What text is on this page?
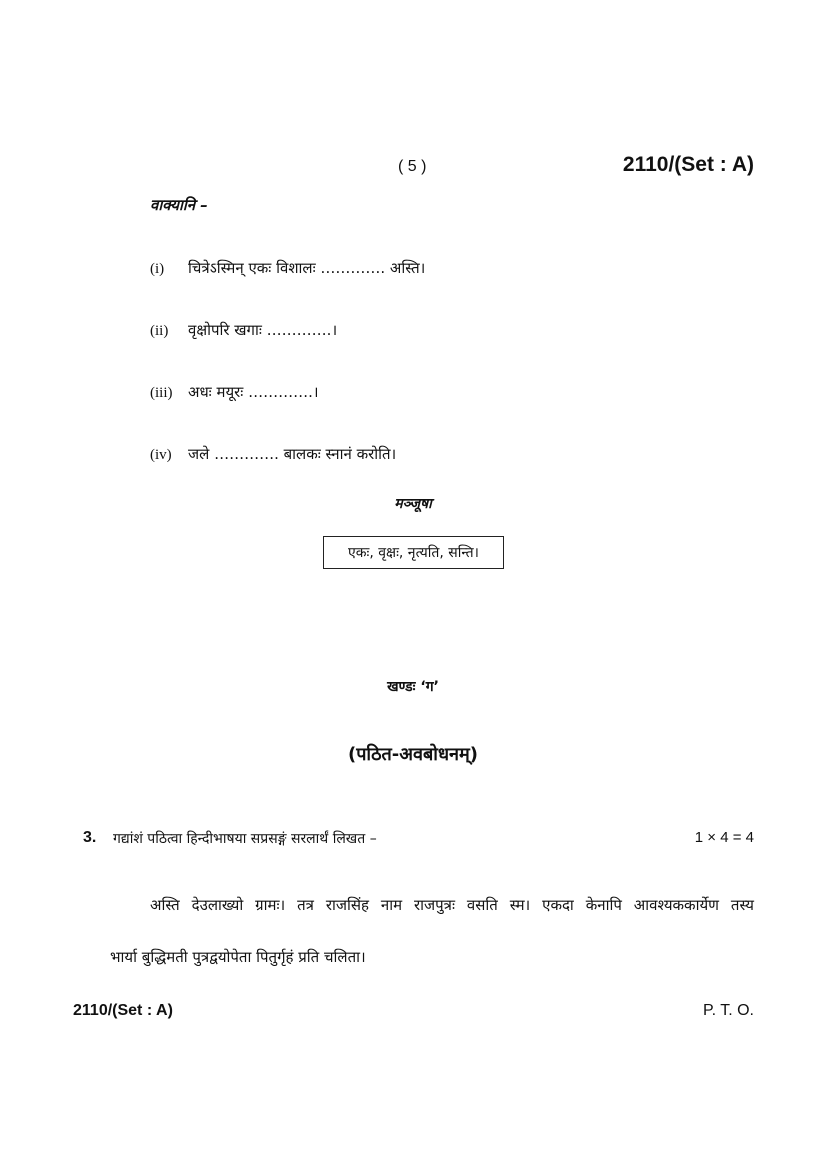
( 5 )	2110/(Set : A)
वाक्यानि –
(i) चित्रेऽस्मिन् एकः विशालः …………. अस्ति।
(ii) वृक्षोपरि खगाः ………….।
(iii) अधः मयूरः ………….।
(iv) जले …………. बालकः स्नानं करोति।
मञ्जूषा
एकः, वृक्षः, नृत्यति, सन्ति।
खण्डः ‘ग’
(पठित-अवबोधनम्)
3. गद्यांशं पठित्वा हिन्दीभाषया सप्रसङ्गं सरलार्थं लिखत –	1 × 4 = 4
अस्ति देउलाख्यो ग्रामः। तत्र राजसिंह नाम राजपुत्रः वसति स्म। एकदा केनापि आवश्यककार्येण तस्य
भार्या बुद्धिमती पुत्रद्वयोपेता पितुर्गृहं प्रति चलिता।
2110/(Set : A)	P. T. O.
